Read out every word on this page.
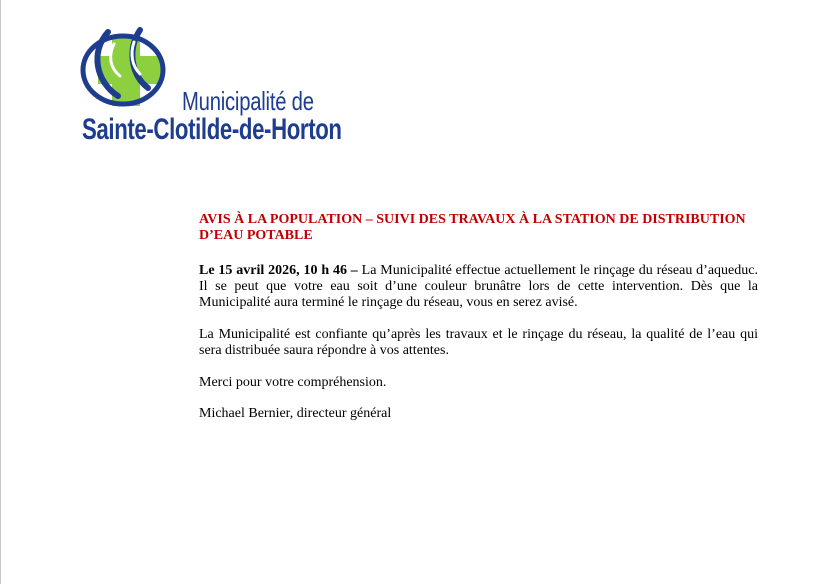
Municipalité de
Sainte-Clotilde-de-Horton
AVIS À LA POPULATION – SUIVI DES TRAVAUX À LA STATION DE DISTRIBUTION D’EAU POTABLE

Le 15 avril 2026, 10 h 46 – La Municipalité effectue actuellement le rinçage du réseau d’aqueduc. Il se peut que votre eau soit d’une couleur brunâtre lors de cette intervention. Dès que la Municipalité aura terminé le rinçage du réseau, vous en serez avisé.

La Municipalité est confiante qu’après les travaux et le rinçage du réseau, la qualité de l’eau qui sera distribuée saura répondre à vos attentes.

Merci pour votre compréhension.

Michael Bernier, directeur général
